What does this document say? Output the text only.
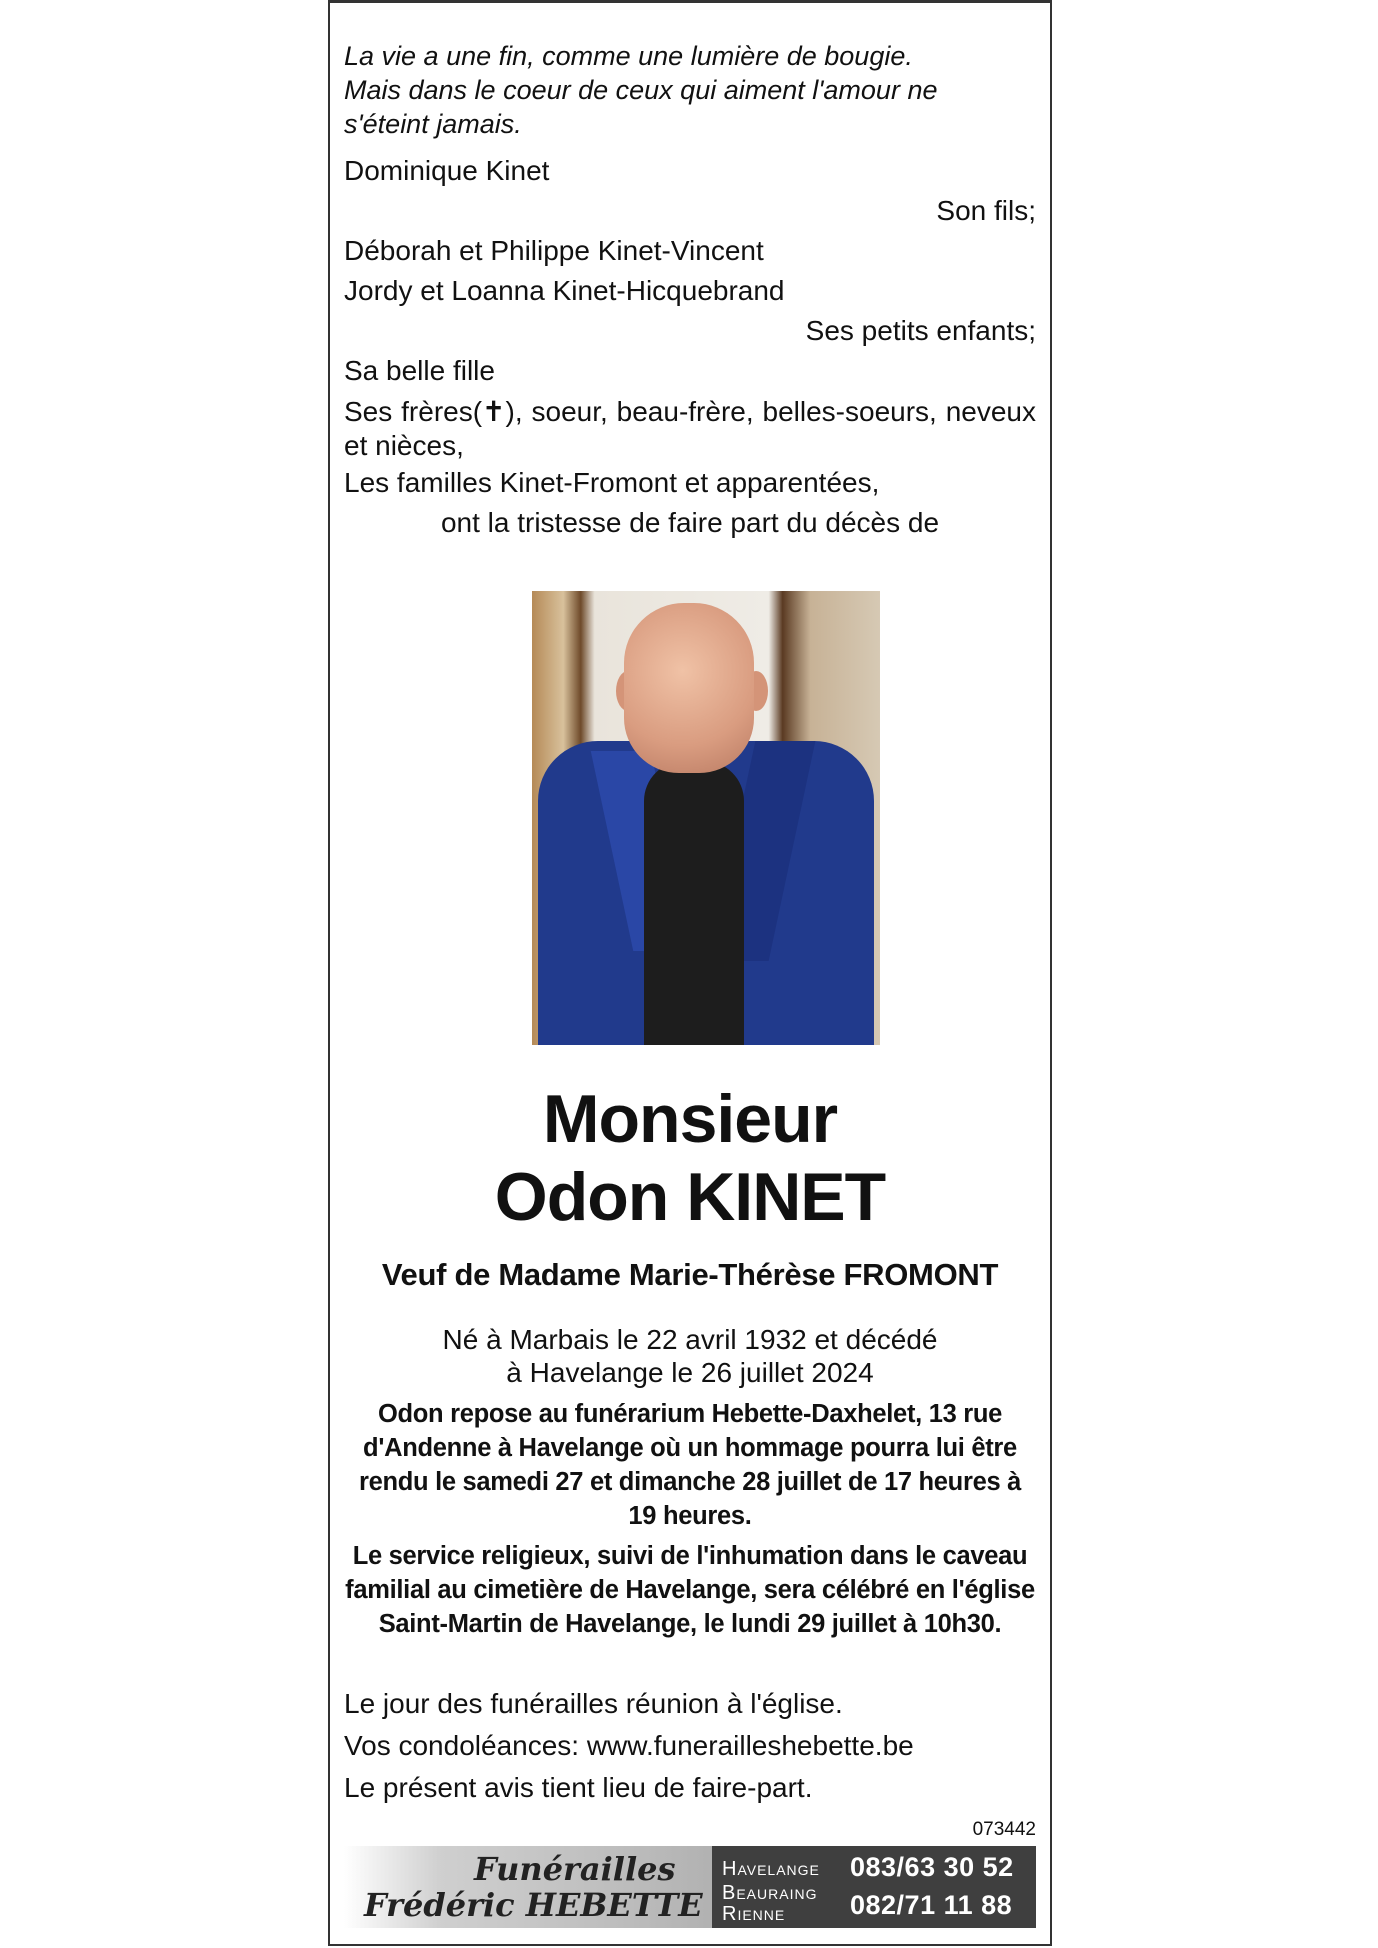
La vie a une fin, comme une lumière de bougie.
Mais dans le coeur de ceux qui aiment l'amour ne
s'éteint jamais.
Dominique Kinet
Son fils;
Déborah et Philippe Kinet-Vincent
Jordy et Loanna Kinet-Hicquebrand
Ses petits enfants;
Sa belle fille
Ses frères(✝), soeur, beau-frère, belles-soeurs, neveux et nièces,
Les familles Kinet-Fromont et apparentées,
ont la tristesse de faire part du décès de
Monsieur
Odon KINET
Veuf de Madame Marie-Thérèse FROMONT
Né à Marbais le 22 avril 1932 et décédé
à Havelange le 26 juillet 2024
Odon repose au funérarium Hebette-Daxhelet, 13 rue d'Andenne à Havelange où un hommage pourra lui être rendu le samedi 27 et dimanche 28 juillet de 17 heures à 19 heures.
Le service religieux, suivi de l'inhumation dans le caveau familial au cimetière de Havelange, sera célébré en l'église Saint-Martin de Havelange, le lundi 29 juillet à 10h30.
Le jour des funérailles réunion à l'église.
Vos condoléances: www.funerailleshebette.be
Le présent avis tient lieu de faire-part.
073442
Funérailles
Frédéric HEBETTE
Havelange 083/63 30 52
Beauraing
Rienne 082/71 11 88
